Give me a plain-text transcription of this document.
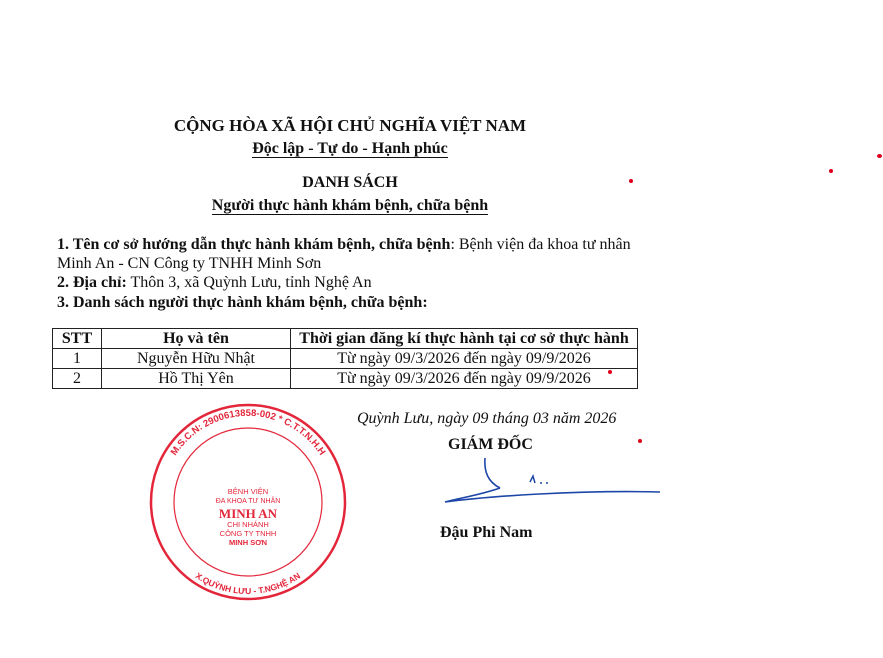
CỘNG HÒA XÃ HỘI CHỦ NGHĨA VIỆT NAM
Độc lập - Tự do - Hạnh phúc
DANH SÁCH
Người thực hành khám bệnh, chữa bệnh
1. Tên cơ sở hướng dẫn thực hành khám bệnh, chữa bệnh: Bệnh viện đa khoa tư nhân
Minh An - CN Công ty TNHH Minh Sơn
2. Địa chỉ: Thôn 3, xã Quỳnh Lưu, tỉnh Nghệ An
3. Danh sách người thực hành khám bệnh, chữa bệnh:
STT	Họ và tên	Thời gian đăng kí thực hành tại cơ sở thực hành
1	Nguyễn Hữu Nhật	Từ ngày 09/3/2026 đến ngày 09/9/2026
2	Hồ Thị Yên	Từ ngày 09/3/2026 đến ngày 09/9/2026
Quỳnh Lưu, ngày 09 tháng 03 năm 2026
M.S.C.N: 2900613858-002 * C.T.T.N.H.H
X.QUỲNH LƯU - T.NGHỆ AN
BỆNH VIỆN
ĐA KHOA TƯ NHÂN
MINH AN
CHI NHÁNH
CÔNG TY TNHH
MINH SƠN
GIÁM ĐỐC
Đậu Phi Nam
